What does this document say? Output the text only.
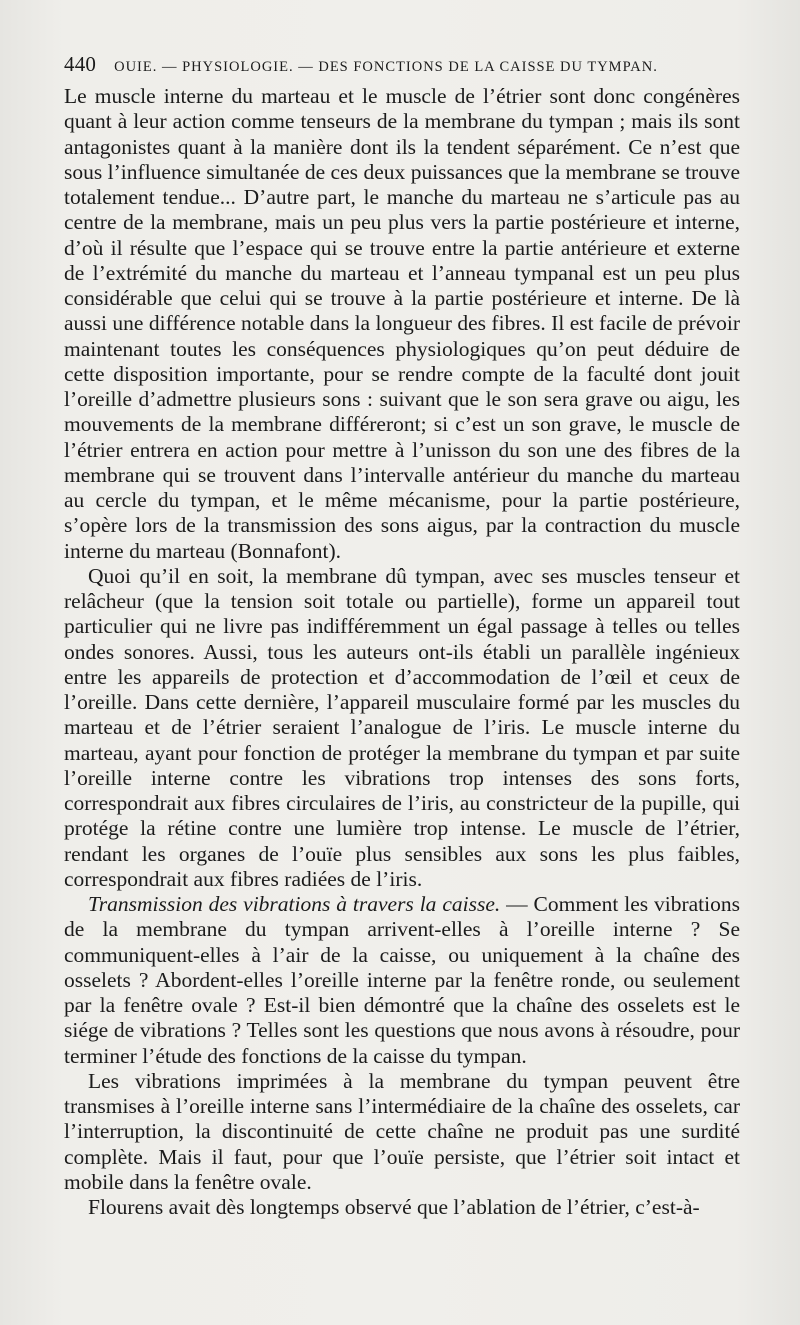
440 OUIE. — PHYSIOLOGIE. — DES FONCTIONS DE LA CAISSE DU TYMPAN.

Le muscle interne du marteau et le muscle de l’étrier sont donc congénères quant à leur action comme tenseurs de la membrane du tympan ; mais ils sont antagonistes quant à la manière dont ils la tendent séparément. Ce n’est que sous l’influence simultanée de ces deux puissances que la membrane se trouve totalement tendue... D’autre part, le manche du marteau ne s’articule pas au centre de la membrane, mais un peu plus vers la partie postérieure et interne, d’où il résulte que l’espace qui se trouve entre la partie antérieure et externe de l’extrémité du manche du marteau et l’anneau tympanal est un peu plus considérable que celui qui se trouve à la partie postérieure et interne. De là aussi une différence notable dans la longueur des fibres. Il est facile de prévoir maintenant toutes les conséquences physiologiques qu’on peut déduire de cette disposition importante, pour se rendre compte de la faculté dont jouit l’oreille d’admettre plusieurs sons : suivant que le son sera grave ou aigu, les mouvements de la membrane différeront; si c’est un son grave, le muscle de l’étrier entrera en action pour mettre à l’unisson du son une des fibres de la membrane qui se trouvent dans l’intervalle antérieur du manche du marteau au cercle du tympan, et le même mécanisme, pour la partie postérieure, s’opère lors de la transmission des sons aigus, par la contraction du muscle interne du marteau (Bonnafont).

Quoi qu’il en soit, la membrane dû tympan, avec ses muscles tenseur et relâcheur (que la tension soit totale ou partielle), forme un appareil tout particulier qui ne livre pas indifféremment un égal passage à telles ou telles ondes sonores. Aussi, tous les auteurs ont-ils établi un parallèle ingénieux entre les appareils de protection et d’accommodation de l’œil et ceux de l’oreille. Dans cette dernière, l’appareil musculaire formé par les muscles du marteau et de l’étrier seraient l’analogue de l’iris. Le muscle interne du marteau, ayant pour fonction de protéger la membrane du tympan et par suite l’oreille interne contre les vibrations trop intenses des sons forts, correspondrait aux fibres circulaires de l’iris, au constricteur de la pupille, qui protége la rétine contre une lumière trop intense. Le muscle de l’étrier, rendant les organes de l’ouïe plus sensibles aux sons les plus faibles, correspondrait aux fibres radiées de l’iris.

Transmission des vibrations à travers la caisse. — Comment les vibrations de la membrane du tympan arrivent-elles à l’oreille interne ? Se communiquent-elles à l’air de la caisse, ou uniquement à la chaîne des osselets ? Abordent-elles l’oreille interne par la fenêtre ronde, ou seulement par la fenêtre ovale ? Est-il bien démontré que la chaîne des osselets est le siége de vibrations ? Telles sont les questions que nous avons à résoudre, pour terminer l’étude des fonctions de la caisse du tympan.

Les vibrations imprimées à la membrane du tympan peuvent être transmises à l’oreille interne sans l’intermédiaire de la chaîne des osselets, car l’interruption, la discontinuité de cette chaîne ne produit pas une surdité complète. Mais il faut, pour que l’ouïe persiste, que l’étrier soit intact et mobile dans la fenêtre ovale.

Flourens avait dès longtemps observé que l’ablation de l’étrier, c’est-à-
